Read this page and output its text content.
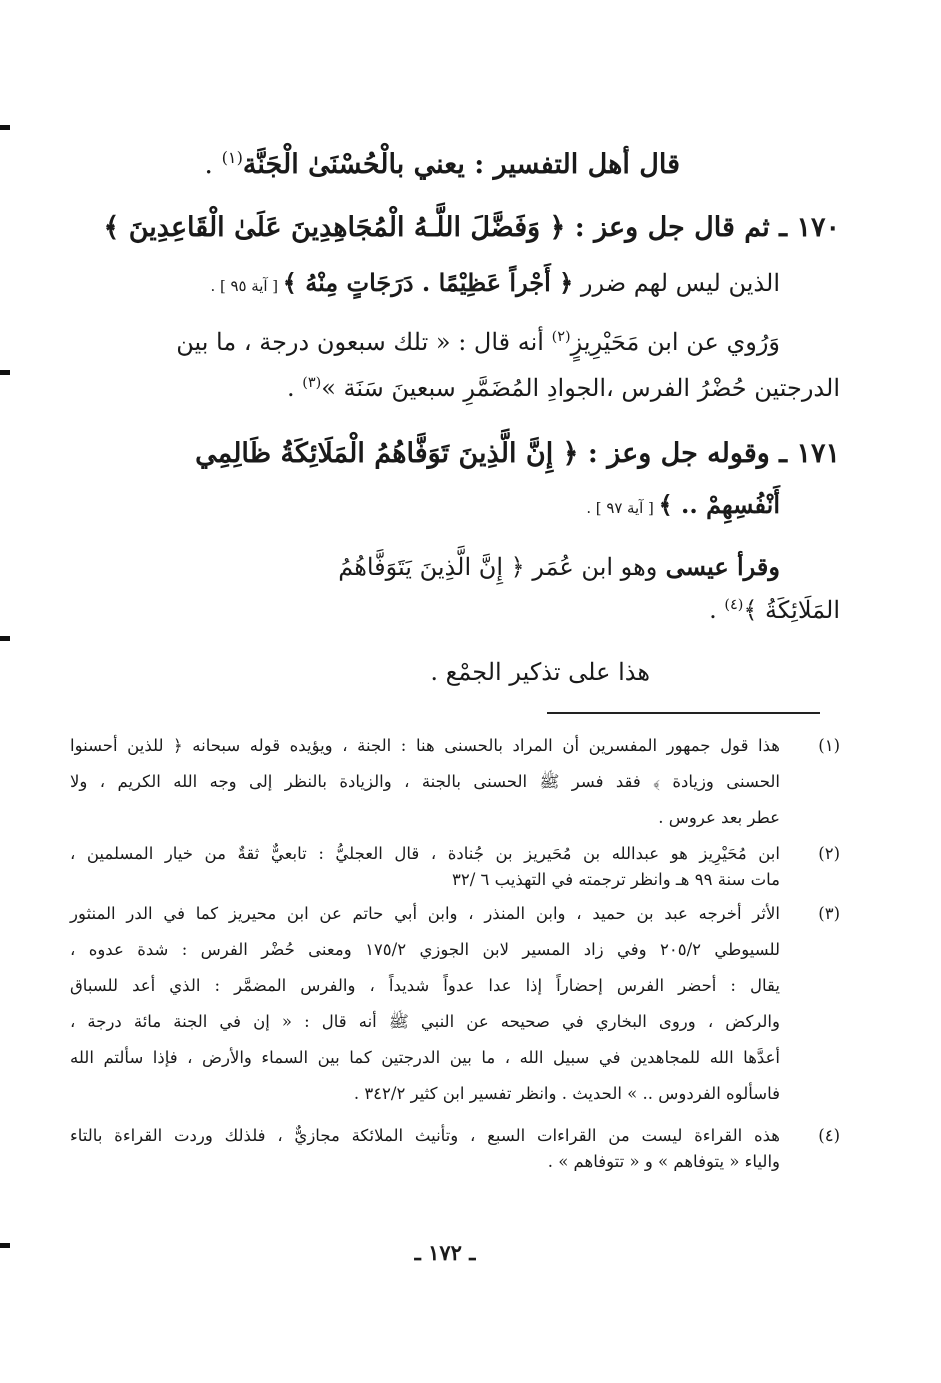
قال أهل التفسير : يعني بالْحُسْنَىٰ الْجَنَّة$^{(١)}$ .
١٧٠ ـ ثم قال جل وعز : ﴿ وَفَضَّلَ اللَّـهُ الْمُجَاهِدِينَ عَلَىٰ الْقَاعِدِينَ ﴾
الذين ليس لهم ضرر ﴿ أَجْراً عَظِيْمًا . دَرَجَاتٍ مِنْهُ ﴾ [ آية ٩٥ ] .
وَرُوي عن ابن مَحَيْرِيزٍ$^{(٢)}$ أنه قال : « تلك سبعون درجة ، ما بين
الدرجتين حُضْرُ الفرس ،الجوادِ المُضَمَّرِ سبعينَ سَنَة »$^{(٣)}$ .
١٧١ ـ وقوله جل وعز : ﴿ إِنَّ الَّذِينَ تَوَفَّاهُمُ الْمَلَائِكَةُ ظَالِمِي
أَنْفُسِهِمْ .. ﴾ [ آية ٩٧ ] .
وقرأ عيسى وهو ابن عُمَر ﴿ إِنَّ الَّذِينَ يَتَوَفَّاهُمُ
المَلَائِكَةُ ﴾$^{(٤)}$ .
هذا على تذكير الجمْع .
(١)
هذا قول جمهور المفسرين أن المراد بالحسنى هنا : الجنة ، ويؤيده قوله سبحانه ﴿ للذين أحسنوا
الحسنى وزيادة ﴾ فقد فسر ﷺ الحسنى بالجنة ، والزيادة بالنظر إلى وجه الله الكريم ، ولا
عطر بعد عروس .
(٢)
ابن مُحَيْرِيز هو عبدالله بن مُحَيريز بن جُنادة ، قال العجليُّ : تابعيٌّ ثقةٌ من خيار المسلمين ،
مات سنة ٩٩ هـ وانظر ترجمته في التهذيب ٦ /٣٢
(٣)
الأثر أخرجه عبد بن حميد ، وابن المنذر ، وابن أبي حاتم عن ابن محيريز كما في الدر المنثور
للسيوطي ٢٠٥/٢ وفي زاد المسير لابن الجوزي ١٧٥/٢ ومعنى حُضْر الفرس : شدة عدوه ،
يقال : أحضر الفرس إحضاراً إذا عدا عدواً شديداً ، والفرس المضمَّر : الذي أعد للسباق
والركض ، وروى البخاري في صحيحه عن النبي ﷺ أنه قال : « إن في الجنة مائة درجة ،
أعدَّها الله للمجاهدين في سبيل الله ، ما بين الدرجتين كما بين السماء والأرض ، فإذا سألتم الله
فاسألوه الفردوس .. » الحديث . وانظر تفسير ابن كثير ٣٤٢/٢ .
(٤)
هذه القراءة ليست من القراءات السبع ، وتأنيث الملائكة مجازيٌّ ، فلذلك وردت القراءة بالتاء
والياء « يتوفاهم » و « تتوفاهم » .
ـ ١٧٢ ـ
